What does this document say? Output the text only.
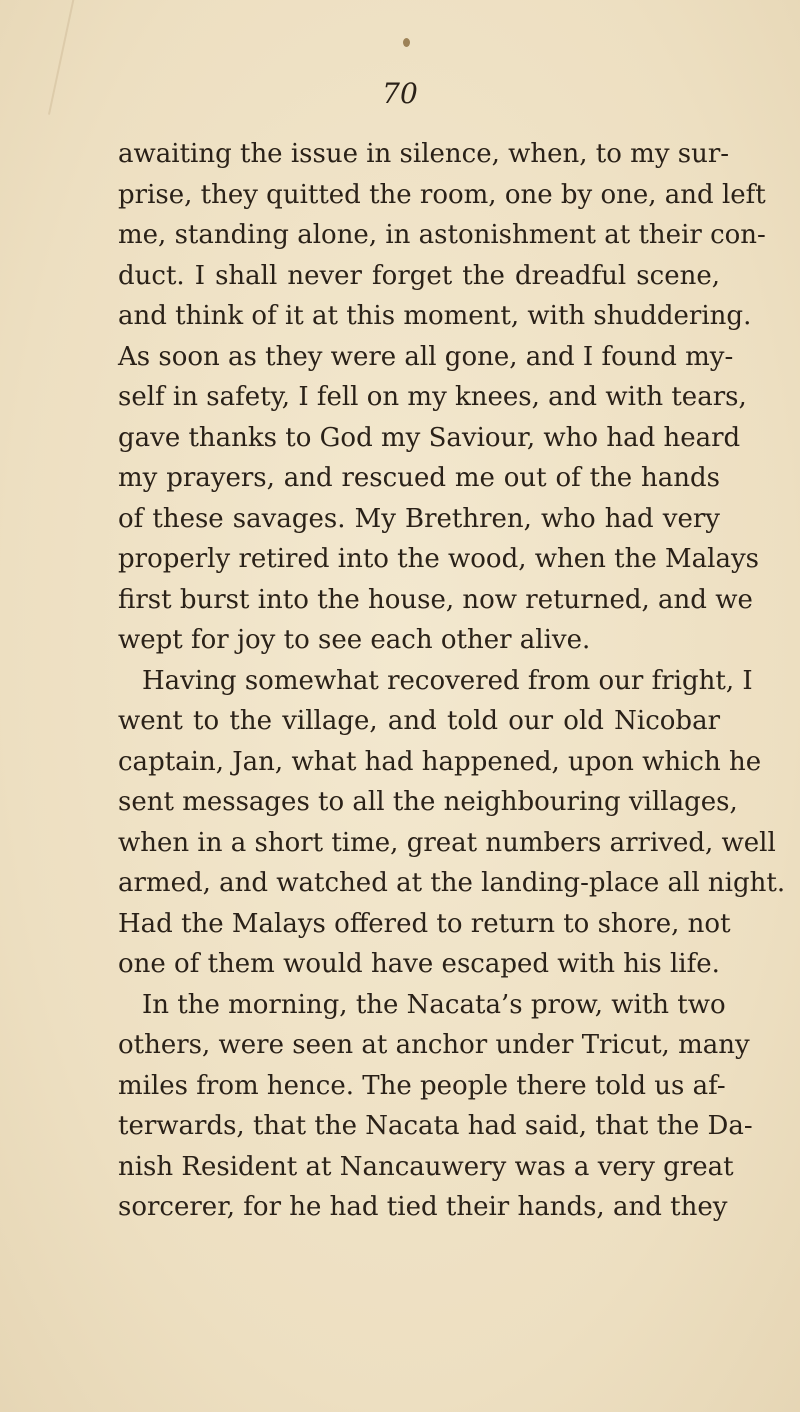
70
awaiting the issue in silence, when, to my sur-
prise, they quitted the room, one by one, and left
me, standing alone, in astonishment at their con-
duct. I shall never forget the dreadful scene,
and think of it at this moment, with shuddering.
As soon as they were all gone, and I found my-
self in safety, I fell on my knees, and with tears,
gave thanks to God my Saviour, who had heard
my prayers, and rescued me out of the hands
of these savages. My Brethren, who had very
properly retired into the wood, when the Malays
first burst into the house, now returned, and we
wept for joy to see each other alive.
Having somewhat recovered from our fright, I
went to the village, and told our old Nicobar
captain, Jan, what had happened, upon which he
sent messages to all the neighbouring villages,
when in a short time, great numbers arrived, well
armed, and watched at the landing-place all night.
Had the Malays offered to return to shore, not
one of them would have escaped with his life.
In the morning, the Nacata’s prow, with two
others, were seen at anchor under Tricut, many
miles from hence. The people there told us af-
terwards, that the Nacata had said, that the Da-
nish Resident at Nancauwery was a very great
sorcerer, for he had tied their hands, and they
